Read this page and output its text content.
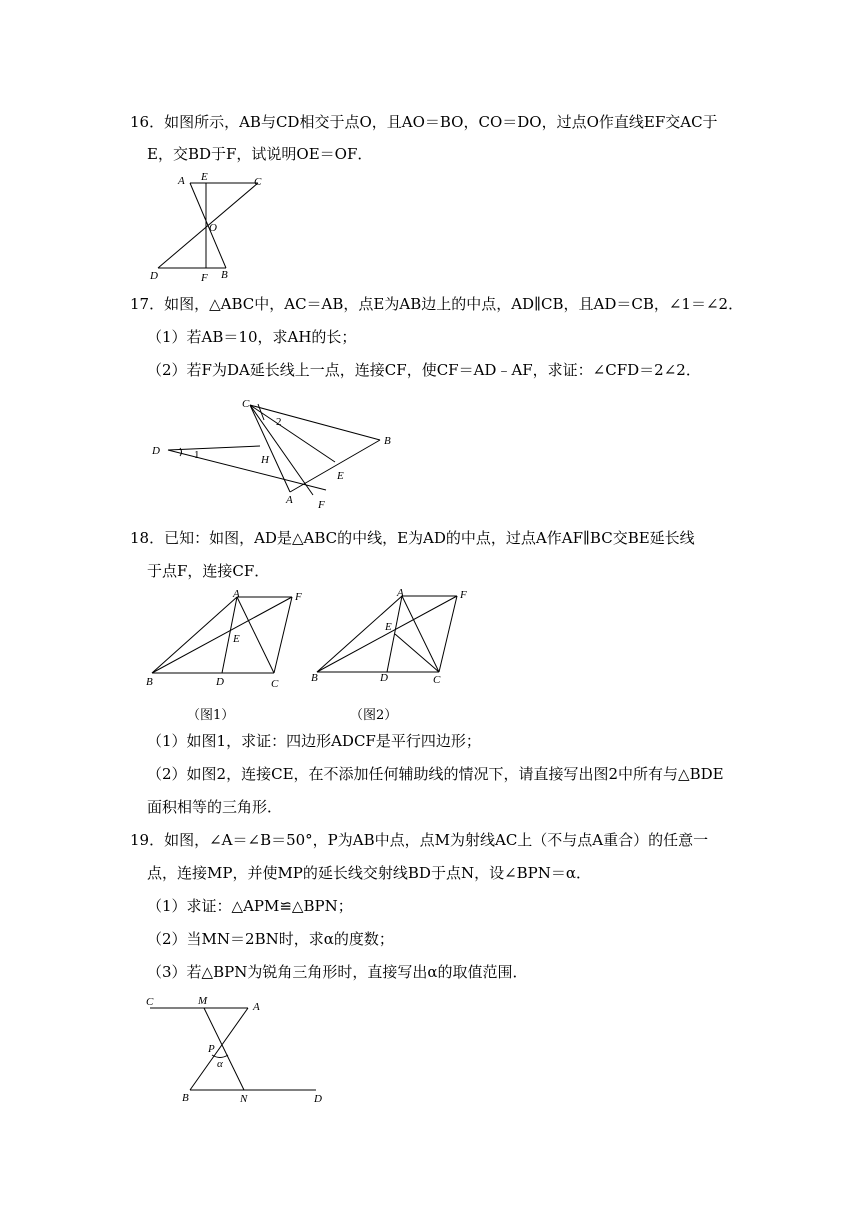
16．如图所示，AB与CD相交于点O，且AO＝BO，CO＝DO，过点O作直线EF交AC于
E，交BD于F，试说明OE＝OF．
A E	C
O
D	F B
17．如图，△ABC中，AC＝AB，点E为AB边上的中点，AD∥CB，且AD＝CB，∠1＝∠2．
（1）若AB＝10，求AH的长；
（2）若F为DA延长线上一点，连接CF，使CF＝AD﹣AF，求证：∠CFD＝2∠2．
C
D
B
H
E
A F
1
2
18．已知：如图，AD是△ABC的中线，E为AD的中点，过点A作AF∥BC交BE延长线
于点F，连接CF．
A	F
E
B	D	C
A	F
E
B	D	C
（图1）	（图2）
（1）如图1，求证：四边形ADCF是平行四边形；
（2）如图2，连接CE，在不添加任何辅助线的情况下，请直接写出图2中所有与△BDE
面积相等的三角形．
19．如图，∠A＝∠B＝50°，P为AB中点，点M为射线AC上（不与点A重合）的任意一
点，连接MP，并使MP的延长线交射线BD于点N，设∠BPN＝α．
（1）求证：△APM≌△BPN；
（2）当MN＝2BN时，求α的度数；
（3）若△BPN为锐角三角形时，直接写出α的取值范围．
C	M	A
P
α
B	N	D
